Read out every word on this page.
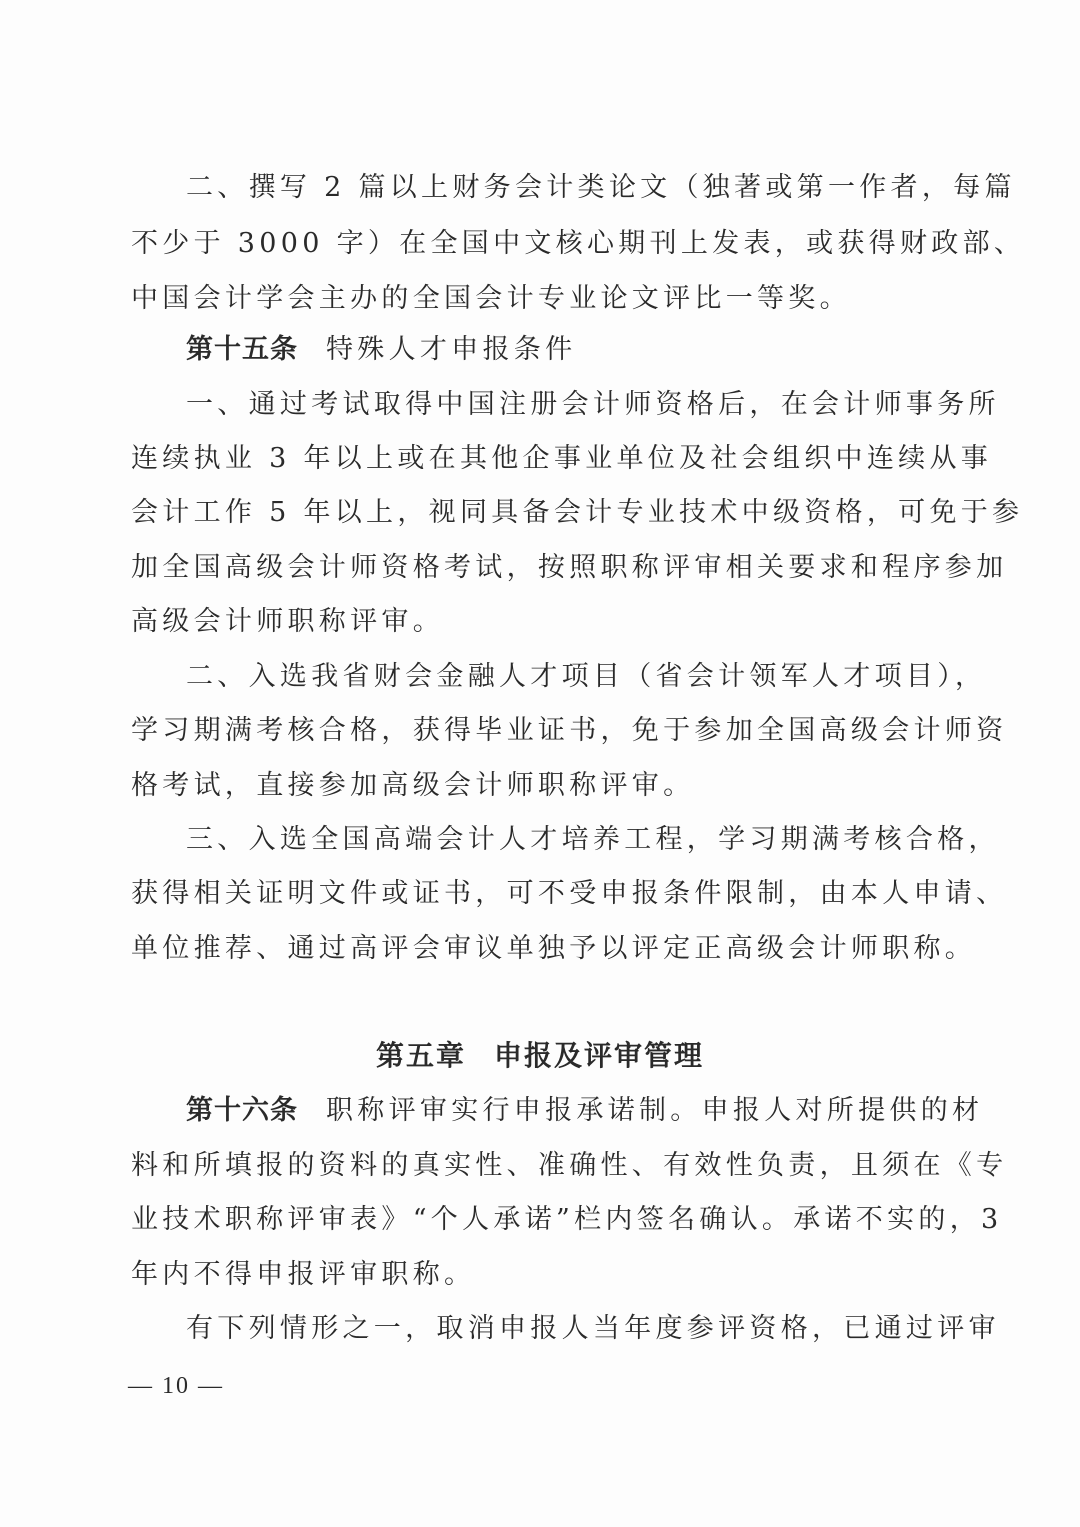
二、撰写 2 篇以上财务会计类论文（独著或第一作者，每篇
不少于 3000 字）在全国中文核心期刊上发表，或获得财政部、
中国会计学会主办的全国会计专业论文评比一等奖。
第十五条 特殊人才申报条件
一、通过考试取得中国注册会计师资格后，在会计师事务所
连续执业 3 年以上或在其他企事业单位及社会组织中连续从事
会计工作 5 年以上，视同具备会计专业技术中级资格，可免于参
加全国高级会计师资格考试，按照职称评审相关要求和程序参加
高级会计师职称评审。
二、入选我省财会金融人才项目（省会计领军人才项目），
学习期满考核合格，获得毕业证书，免于参加全国高级会计师资
格考试，直接参加高级会计师职称评审。
三、入选全国高端会计人才培养工程，学习期满考核合格，
获得相关证明文件或证书，可不受申报条件限制，由本人申请、
单位推荐、通过高评会审议单独予以评定正高级会计师职称。
第五章 申报及评审管理
第十六条 职称评审实行申报承诺制。申报人对所提供的材
料和所填报的资料的真实性、准确性、有效性负责，且须在《专
业技术职称评审表》“个人承诺”栏内签名确认。承诺不实的，3
年内不得申报评审职称。
有下列情形之一，取消申报人当年度参评资格，已通过评审
— 10 —
